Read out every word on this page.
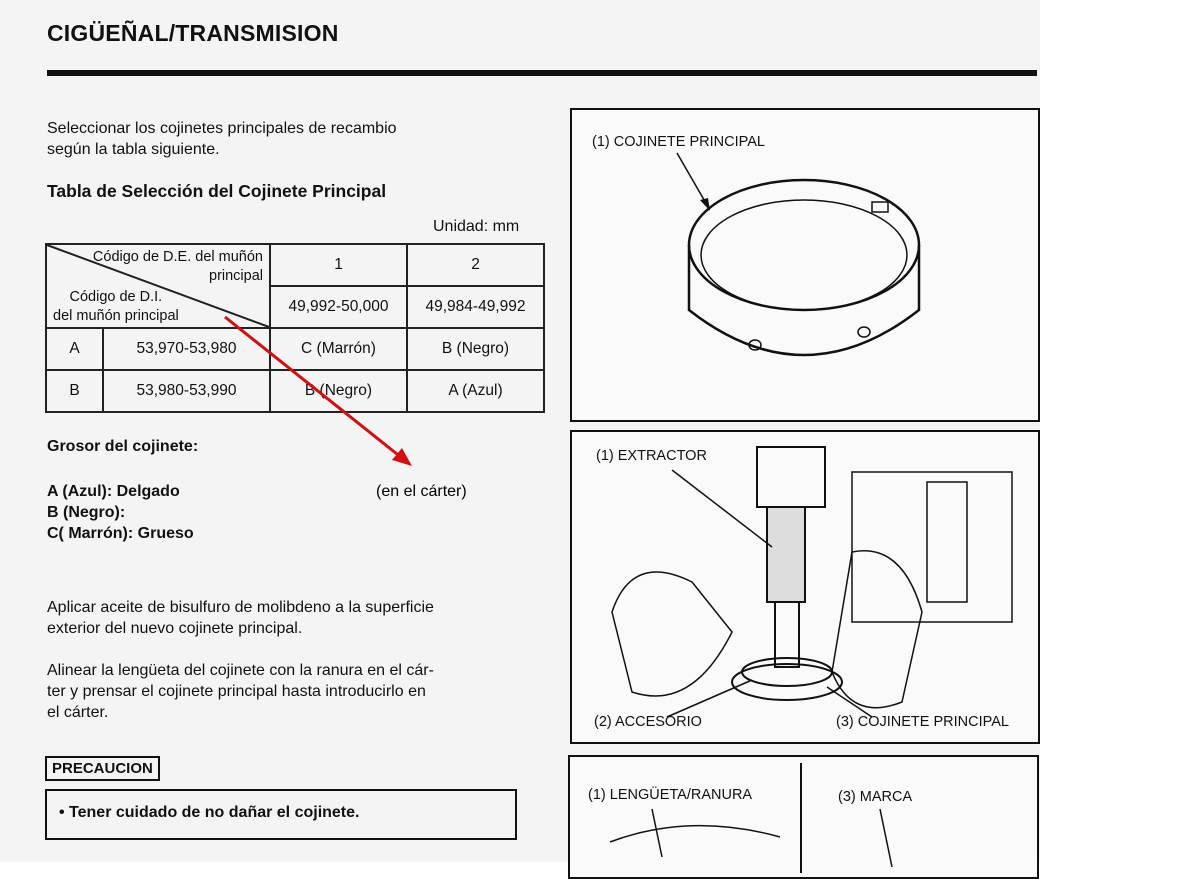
CIGÜEÑAL/TRANSMISION
Seleccionar los cojinetes principales de recambio
según la tabla siguiente.
Tabla de Selección del Cojinete Principal
Unidad: mm
Código de D.E. del muñón
principal
Código de D.I.
del muñón principal		1	2
		49,992-50,000	49,984-49,992
A	53,970-53,980	C (Marrón)	B (Negro)
B	53,980-53,990	B (Negro)	A (Azul)
Grosor del cojinete:
A (Azul): Delgado
B (Negro):
C( Marrón): Grueso
(en el cárter)
Aplicar aceite de bisulfuro de molibdeno a la superficie
exterior del nuevo cojinete principal.
Alinear la lengüeta del cojinete con la ranura en el cár-
ter y prensar el cojinete principal hasta introducirlo en
el cárter.
PRECAUCION
• Tener cuidado de no dañar el cojinete.
(1) COJINETE PRINCIPAL
(1) EXTRACTOR
(2) ACCESORIO	(3) COJINETE PRINCIPAL
(1) LENGÜETA/RANURA	(3) MARCA
